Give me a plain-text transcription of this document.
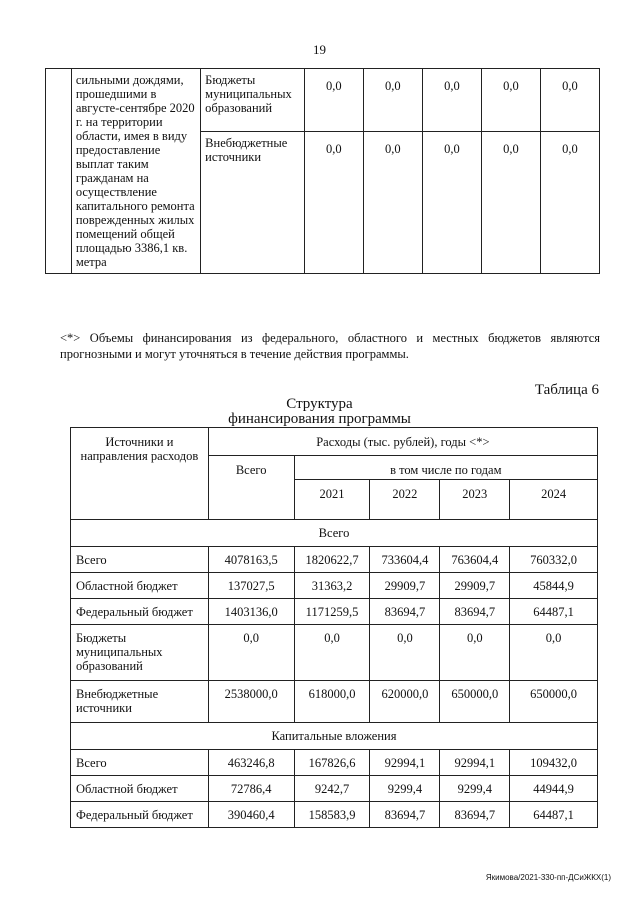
19
	сильными дождями, прошедшими в августе-сентябре 2020 г. на территории области, имея в виду предоставление выплат таким гражданам на осуществление капитального ремонта поврежденных жилых помещений общей площадью 3386,1 кв. метра	Бюджеты муниципальных образований	0,0	0,0	0,0	0,0	0,0
		Внебюджетные источники	0,0	0,0	0,0	0,0	0,0
<*> Объемы финансирования из федерального, областного и местных бюджетов являются прогнозными и могут уточняться в течение действия программы.
Таблица 6
Структура
финансирования программы
Источники и направления расходов	Расходы (тыс. рублей), годы <*>				
	Всего	в том числе по годам			
		2021	2022	2023	2024
Всего					
Всего	4078163,5	1820622,7	733604,4	763604,4	760332,0
Областной бюджет	137027,5	31363,2	29909,7	29909,7	45844,9
Федеральный бюджет	1403136,0	1171259,5	83694,7	83694,7	64487,1
Бюджеты муниципальных образований	0,0	0,0	0,0	0,0	0,0
Внебюджетные источники	2538000,0	618000,0	620000,0	650000,0	650000,0
Капитальные вложения					
Всего	463246,8	167826,6	92994,1	92994,1	109432,0
Областной бюджет	72786,4	9242,7	9299,4	9299,4	44944,9
Федеральный бюджет	390460,4	158583,9	83694,7	83694,7	64487,1
Якимова/2021-330-пп-ДСиЖКХ(1)
